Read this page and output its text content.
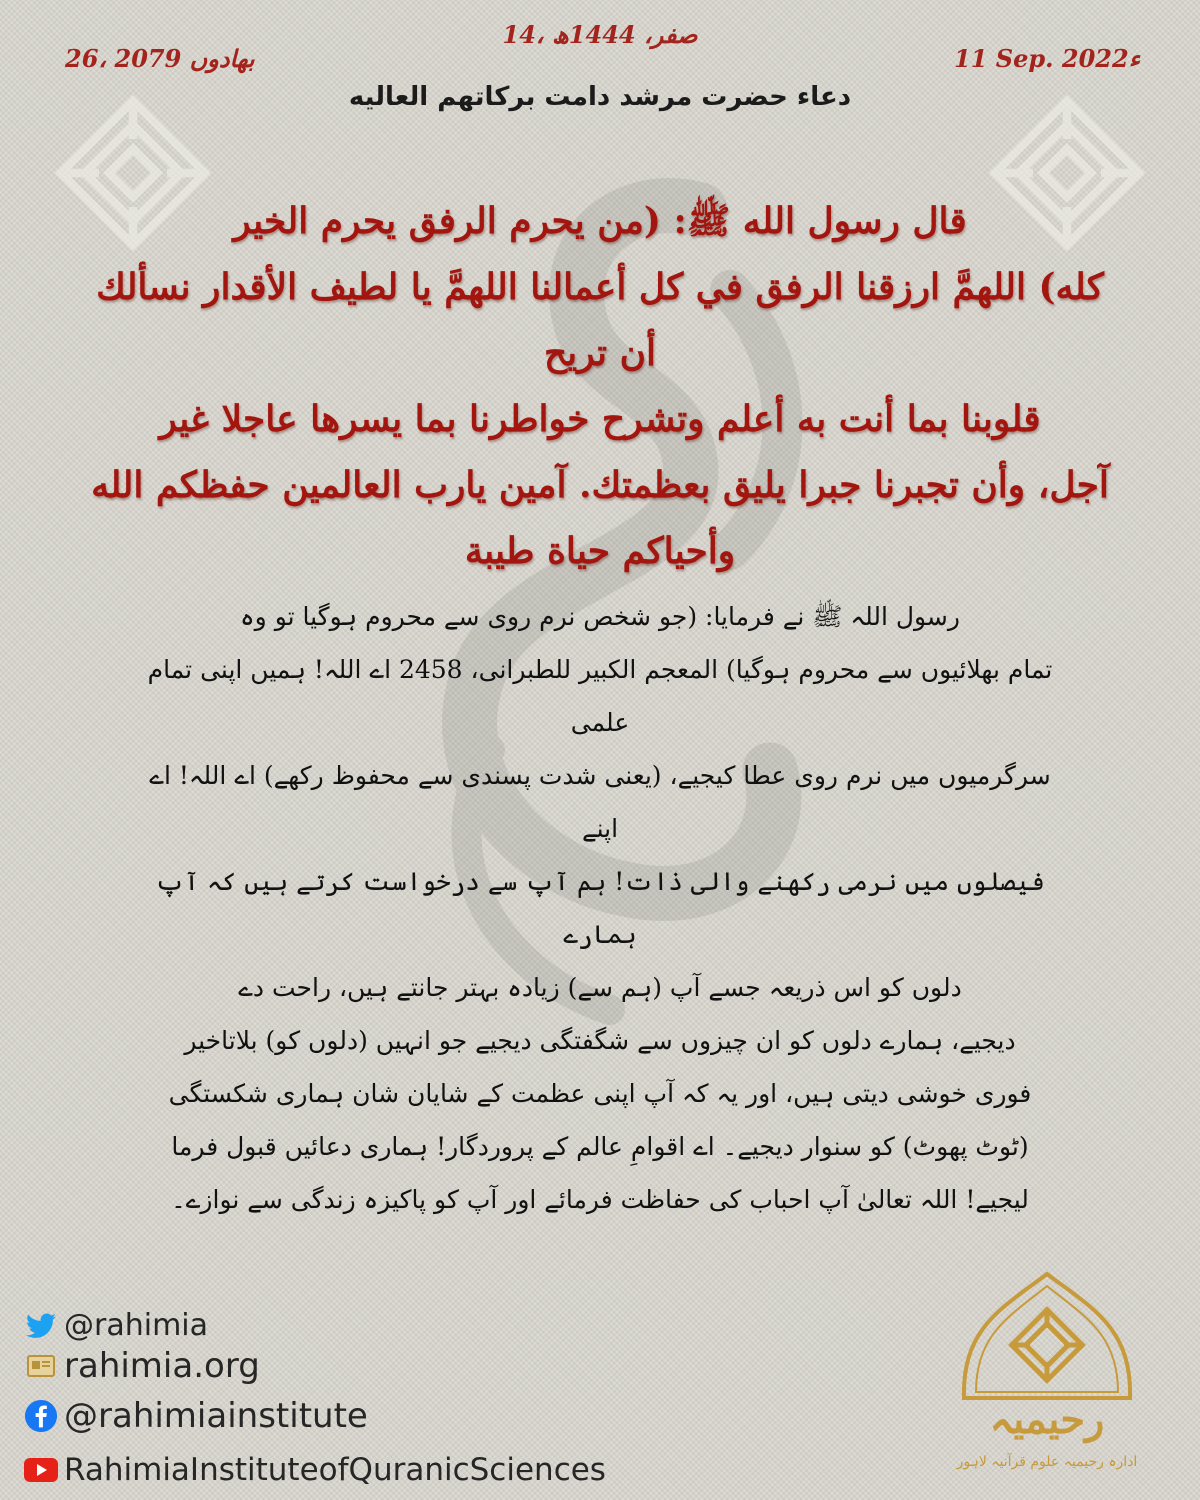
26، بھادوں 2079
14، صفر، 1444ھ
11 Sep. 2022ء
دعاء حضرت مرشد دامت برکاتهم العالیه
قال رسول الله ﷺ: (من يحرم الرفق يحرم الخير
كله) اللهمَّ ارزقنا الرفق في كل أعمالنا اللهمَّ يا لطيف الأقدار نسألك أن تريح
قلوبنا بما أنت به أعلم وتشرح خواطرنا بما يسرها عاجلا غير
آجل، وأن تجبرنا جبرا يليق بعظمتك. آمين يارب العالمين حفظكم الله
وأحياكم حياة طيبة
رسول اللہ ﷺ نے فرمایا: (جو شخص نرم روی سے محروم ہوگیا تو وہ
تمام بھلائیوں سے محروم ہوگیا) المعجم الکبیر للطبرانی، 2458 اے اللہ! ہمیں اپنی تمام علمی
سرگرمیوں میں نرم روی عطا کیجیے، (یعنی شدت پسندی سے محفوظ رکھے) اے اللہ! اے اپنے
فیصلوں میں نرمی رکھنے والی ذات! ہم آپ سے درخواست کرتے ہیں کہ آپ ہمارے
دلوں کو اس ذریعہ جسے آپ (ہم سے) زیادہ بہتر جانتے ہیں، راحت دے
دیجیے، ہمارے دلوں کو ان چیزوں سے شگفتگی دیجیے جو انہیں (دلوں کو) بلاتاخیر
فوری خوشی دیتی ہیں، اور یہ کہ آپ اپنی عظمت کے شایان شان ہماری شکستگی
(ٹوٹ پھوٹ) کو سنوار دیجیے۔ اے اقوامِ عالم کے پروردگار! ہماری دعائیں قبول فرما
لیجیے! اللہ تعالیٰ آپ احباب کی حفاظت فرمائے اور آپ کو پاکیزہ زندگی سے نوازے۔
@rahimia
rahimia.org
@rahimiainstitute
RahimiaInstituteofQuranicSciences
رحیمیہ
ادارہ رحیمیہ علوم قرآنیہ لاہور
